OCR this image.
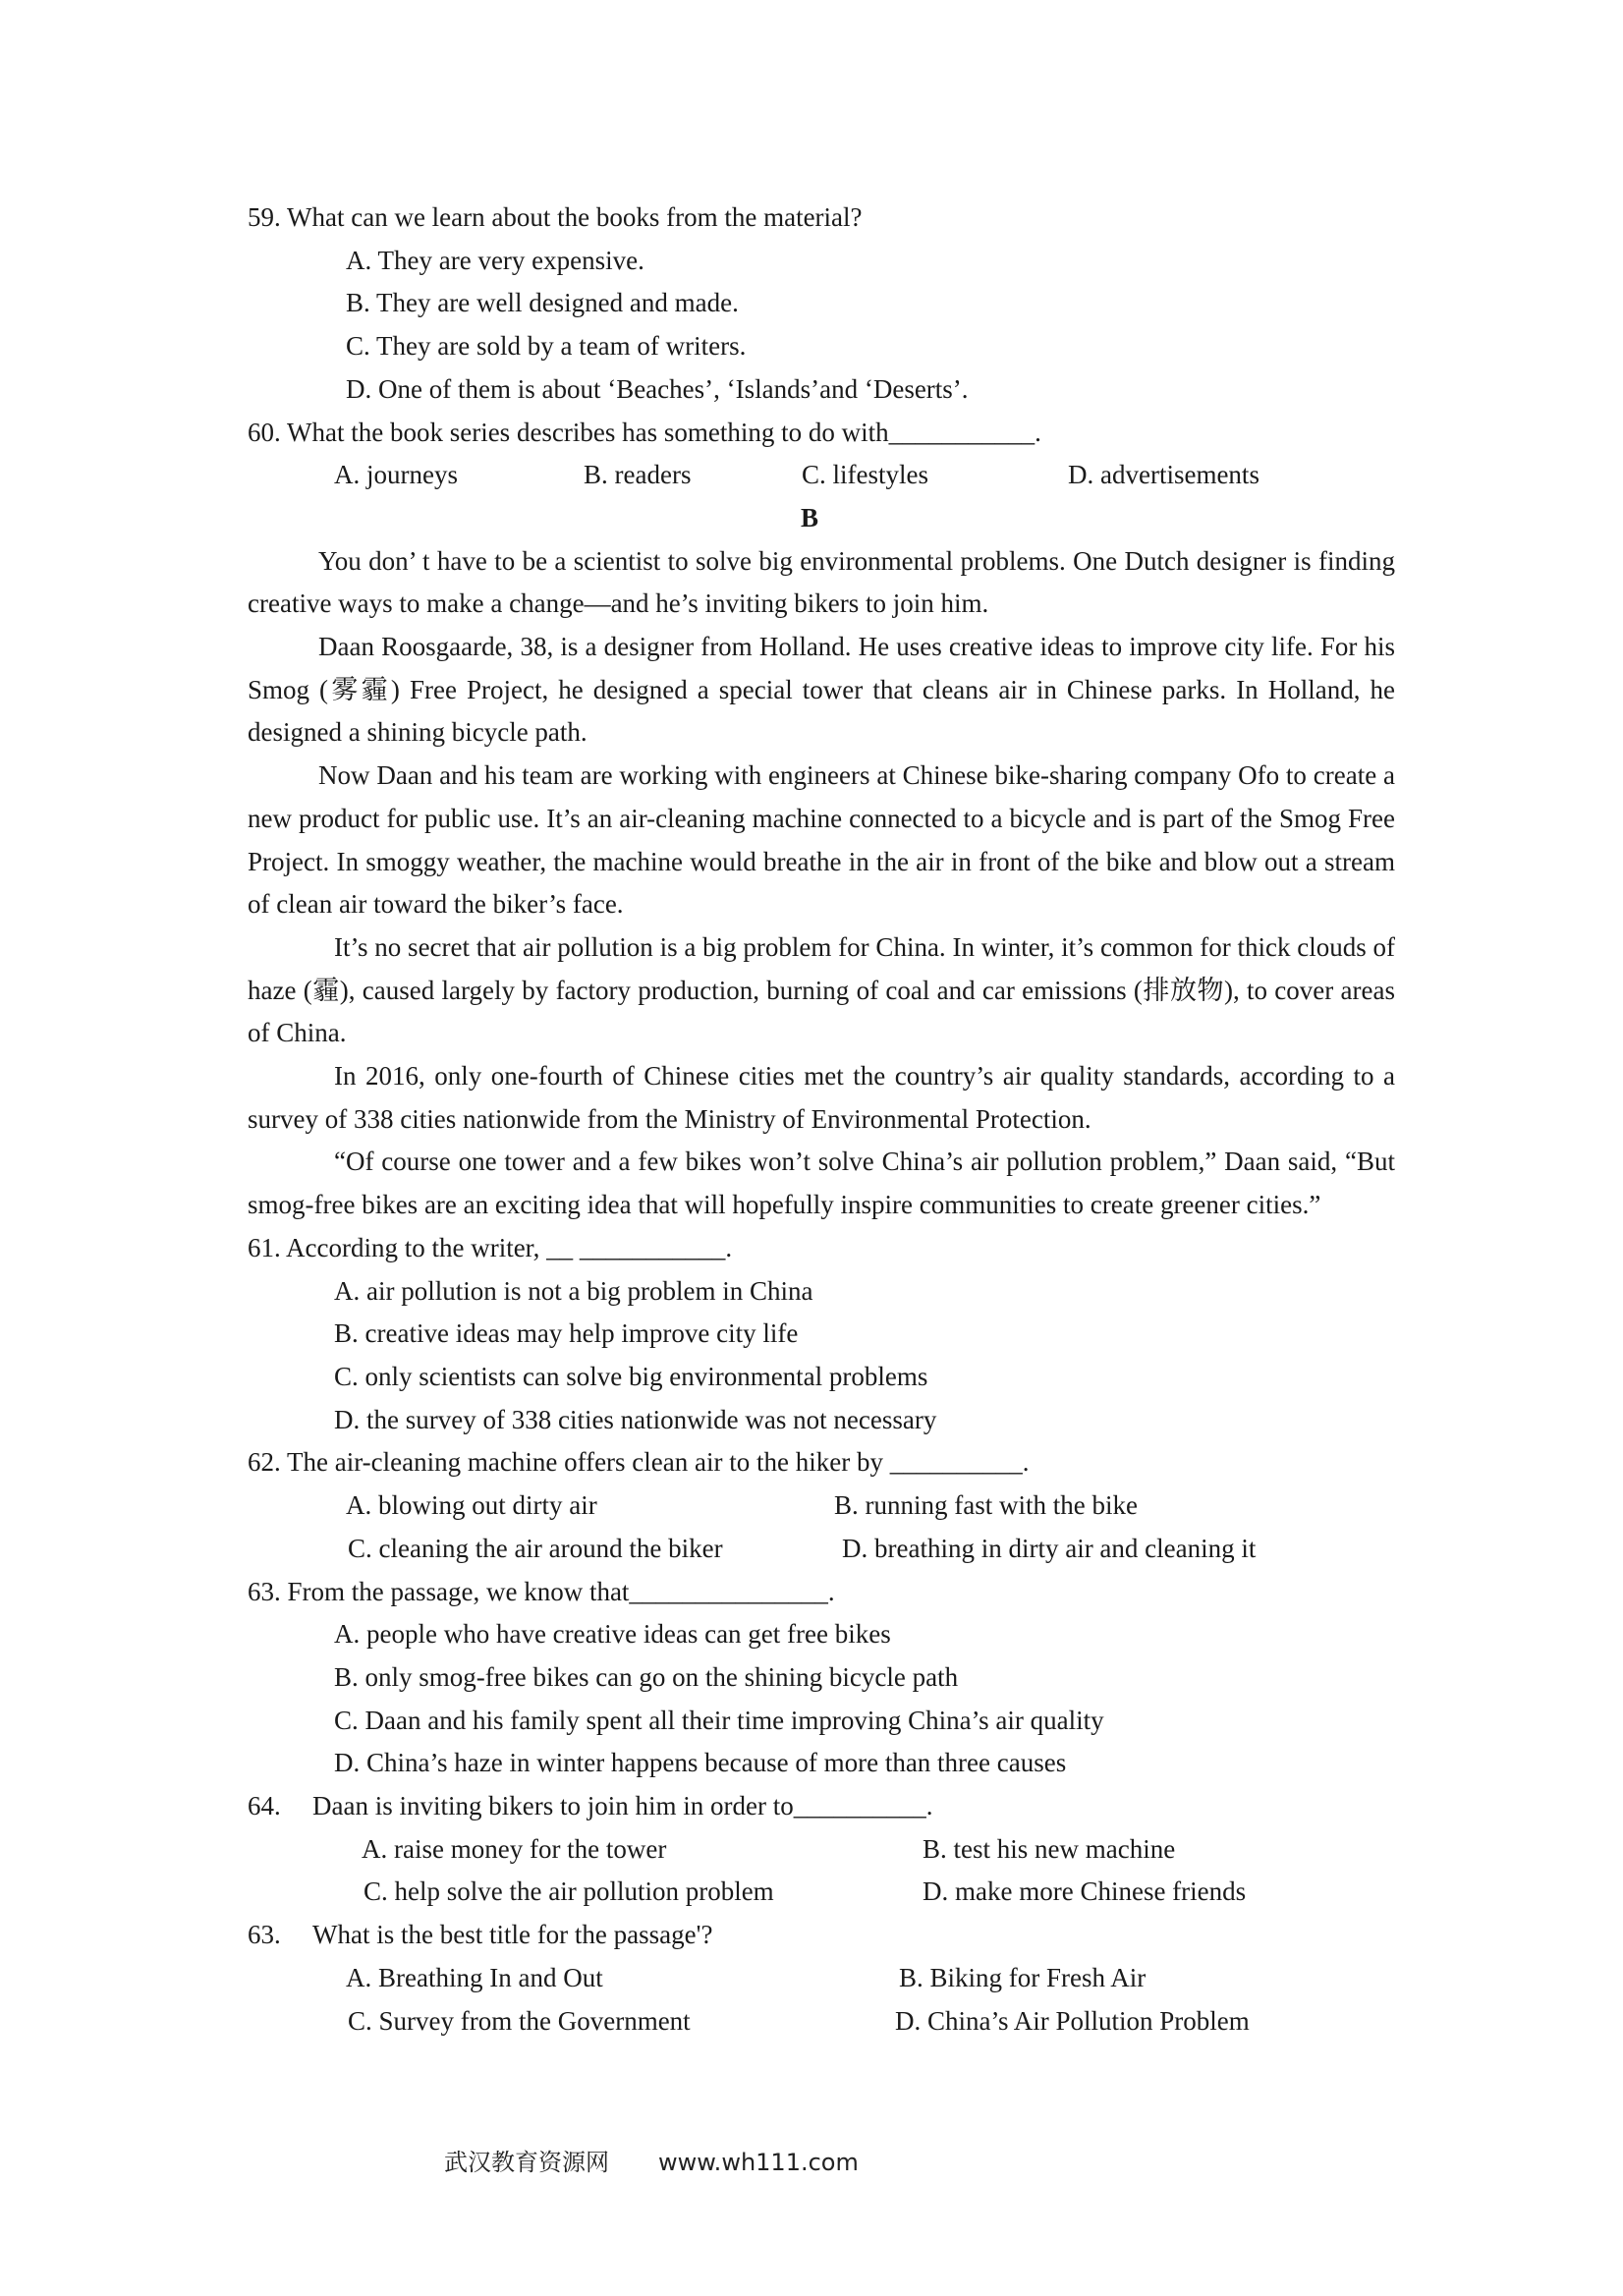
59. What can we learn about the books from the material?
A. They are very expensive.
B. They are well designed and made.
C. They are sold by a team of writers.
D. One of them is about ‘Beaches’, ‘Islands’and ‘Deserts’.
60. What the book series describes has something to do with___________.
A. journeys	B. readers	C. lifestyles	D. advertisements
B
You don’ t have to be a scientist to solve big environmental problems. One Dutch designer is finding creative ways to make a change—and he’s inviting bikers to join him.
Daan Roosgaarde, 38, is a designer from Holland. He uses creative ideas to improve city life. For his Smog (雾霾) Free Project, he designed a special tower that cleans air in Chinese parks. In Holland, he designed a shining bicycle path.
Now Daan and his team are working with engineers at Chinese bike-sharing company Ofo to create a new product for public use. It’s an air-cleaning machine connected to a bicycle and is part of the Smog Free Project. In smoggy weather, the machine would breathe in the air in front of the bike and blow out a stream of clean air toward the biker’s face.
It’s no secret that air pollution is a big problem for China. In winter, it’s common for thick clouds of haze (霾), caused largely by factory production, burning of coal and car emissions (排放物), to cover areas of China.
In 2016, only one-fourth of Chinese cities met the country’s air quality standards, according to a survey of 338 cities nationwide from the Ministry of Environmental Protection.
“Of course one tower and a few bikes won’t solve China’s air pollution problem,” Daan said, “But smog-free bikes are an exciting idea that will hopefully inspire communities to create greener cities.”
61. According to the writer, __ ___________.
A. air pollution is not a big problem in China
B. creative ideas may help improve city life
C. only scientists can solve big environmental problems
D. the survey of 338 cities nationwide was not necessary
62. The air-cleaning machine offers clean air to the hiker by __________.
A. blowing out dirty air	B. running fast with the bike
C. cleaning the air around the biker	D. breathing in dirty air and cleaning it
63. From the passage, we know that_______________.
A. people who have creative ideas can get free bikes
B. only smog-free bikes can go on the shining bicycle path
C. Daan and his family spent all their time improving China’s air quality
D. China’s haze in winter happens because of more than three causes
64.	Daan is inviting bikers to join him in order to__________.
A. raise money for the tower	B. test his new machine
C. help solve the air pollution problem	D. make more Chinese friends
63.	What is the best title for the passage'?
A. Breathing In and Out	B. Biking for Fresh Air
C. Survey from the Government	D. China’s Air Pollution Problem
武汉教育资源网 www.wh111.com
